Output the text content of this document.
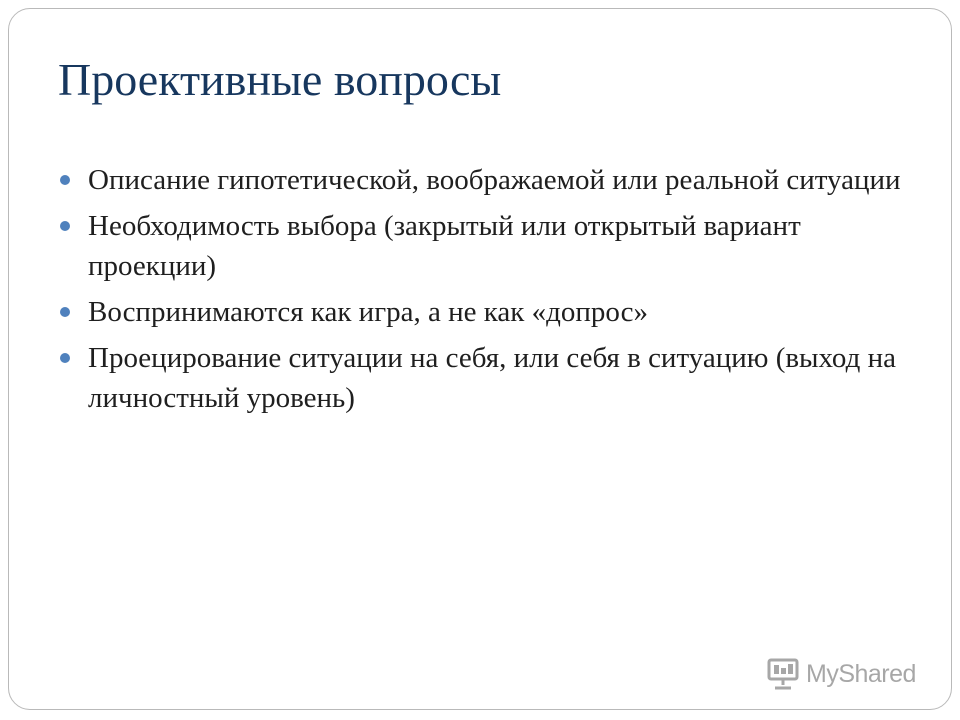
Проективные вопросы
Описание гипотетической, воображаемой или реальной ситуации
Необходимость выбора (закрытый или открытый вариант проекции)
Воспринимаются как игра, а не как «допрос»
Проецирование ситуации на себя, или себя в ситуацию (выход на личностный уровень)
MyShared
